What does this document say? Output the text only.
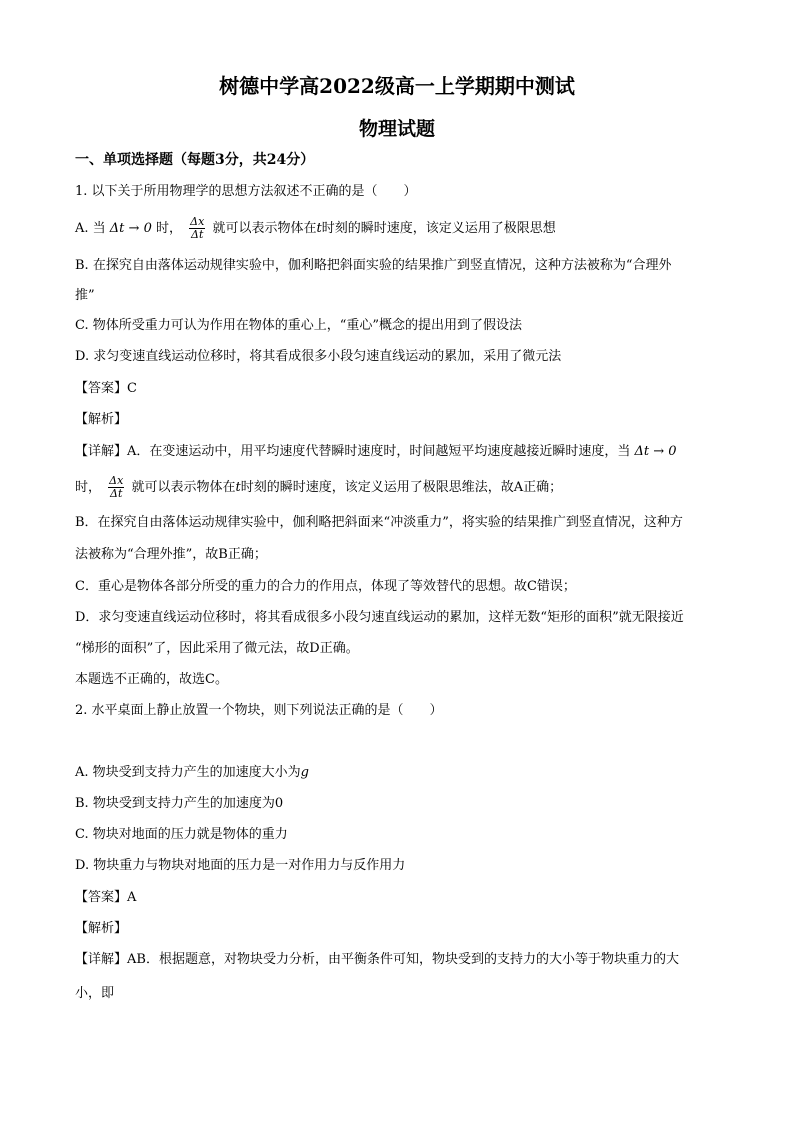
树德中学高2022级高一上学期期中测试
物理试题
一、单项选择题（每题3分，共24分）
1. 以下关于所用物理学的思想方法叙述不正确的是（　　）
A. 当 Δt → 0 时， $\frac{\Delta x}{\Delta t}$ 就可以表示物体在t时刻的瞬时速度，该定义运用了极限思想
B. 在探究自由落体运动规律实验中，伽利略把斜面实验的结果推广到竖直情况，这种方法被称为“合理外
推”
C. 物体所受重力可认为作用在物体的重心上，“重心”概念的提出用到了假设法
D. 求匀变速直线运动位移时，将其看成很多小段匀速直线运动的累加，采用了微元法
【答案】C
【解析】
【详解】A．在变速运动中，用平均速度代替瞬时速度时，时间越短平均速度越接近瞬时速度，当 Δt → 0
时， $\frac{\Delta x}{\Delta t}$ 就可以表示物体在t时刻的瞬时速度，该定义运用了极限思维法，故A正确；
B．在探究自由落体运动规律实验中，伽利略把斜面来“冲淡重力”，将实验的结果推广到竖直情况，这种方
法被称为“合理外推”，故B正确；
C．重心是物体各部分所受的重力的合力的作用点，体现了等效替代的思想。故C错误；
D．求匀变速直线运动位移时，将其看成很多小段匀速直线运动的累加，这样无数“矩形的面积”就无限接近
“梯形的面积”了，因此采用了微元法，故D正确。
本题选不正确的，故选C。
2. 水平桌面上静止放置一个物块，则下列说法正确的是（　　）
A. 物块受到支持力产生的加速度大小为g
B. 物块受到支持力产生的加速度为0
C. 物块对地面的压力就是物体的重力
D. 物块重力与物块对地面的压力是一对作用力与反作用力
【答案】A
【解析】
【详解】AB．根据题意，对物块受力分析，由平衡条件可知，物块受到的支持力的大小等于物块重力的大
小，即
